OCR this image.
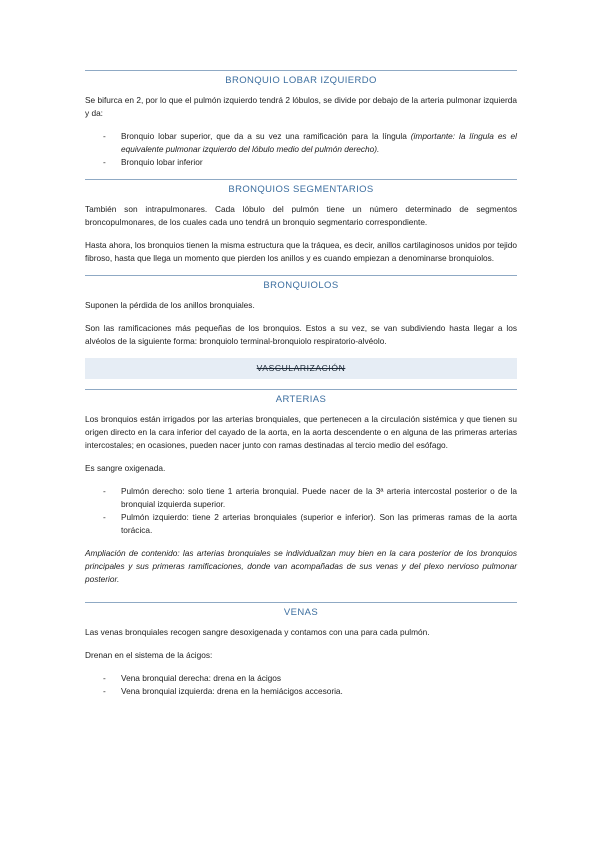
BRONQUIO LOBAR IZQUIERDO

Se bifurca en 2, por lo que el pulmón izquierdo tendrá 2 lóbulos, se divide por debajo de la arteria pulmonar izquierda y da:

- Bronquio lobar superior, que da a su vez una ramificación para la língula (importante: la língula es el equivalente pulmonar izquierdo del lóbulo medio del pulmón derecho).
- Bronquio lobar inferior
BRONQUIOS SEGMENTARIOS

También son intrapulmonares. Cada lóbulo del pulmón tiene un número determinado de segmentos broncopulmonares, de los cuales cada uno tendrá un bronquio segmentario correspondiente.

Hasta ahora, los bronquios tienen la misma estructura que la tráquea, es decir, anillos cartilaginosos unidos por tejido fibroso, hasta que llega un momento que pierden los anillos y es cuando empiezan a denominarse bronquiolos.

BRONQUIOLOS

Suponen la pérdida de los anillos bronquiales.

Son las ramificaciones más pequeñas de los bronquios. Estos a su vez, se van subdiviendo hasta llegar a los alvéolos de la siguiente forma: bronquiolo terminal-bronquiolo respiratorio-alvéolo.

VASCULARIZACIÓN
ARTERIAS

Los bronquios están irrigados por las arterias bronquiales, que pertenecen a la circulación sistémica y que tienen su origen directo en la cara inferior del cayado de la aorta, en la aorta descendente o en alguna de las primeras arterias intercostales; en ocasiones, pueden nacer junto con ramas destinadas al tercio medio del esófago.

Es sangre oxigenada.

- Pulmón derecho: solo tiene 1 arteria bronquial. Puede nacer de la 3ª arteria intercostal posterior o de la bronquial izquierda superior.
- Pulmón izquierdo: tiene 2 arterias bronquiales (superior e inferior). Son las primeras ramas de la aorta torácica.

Ampliación de contenido: las arterias bronquiales se individualizan muy bien en la cara posterior de los bronquios principales y sus primeras ramificaciones, donde van acompañadas de sus venas y del plexo nervioso pulmonar posterior.

VENAS

Las venas bronquiales recogen sangre desoxigenada y contamos con una para cada pulmón.

Drenan en el sistema de la ácigos:

- Vena bronquial derecha: drena en la ácigos
- Vena bronquial izquierda: drena en la hemiácigos accesoria.
